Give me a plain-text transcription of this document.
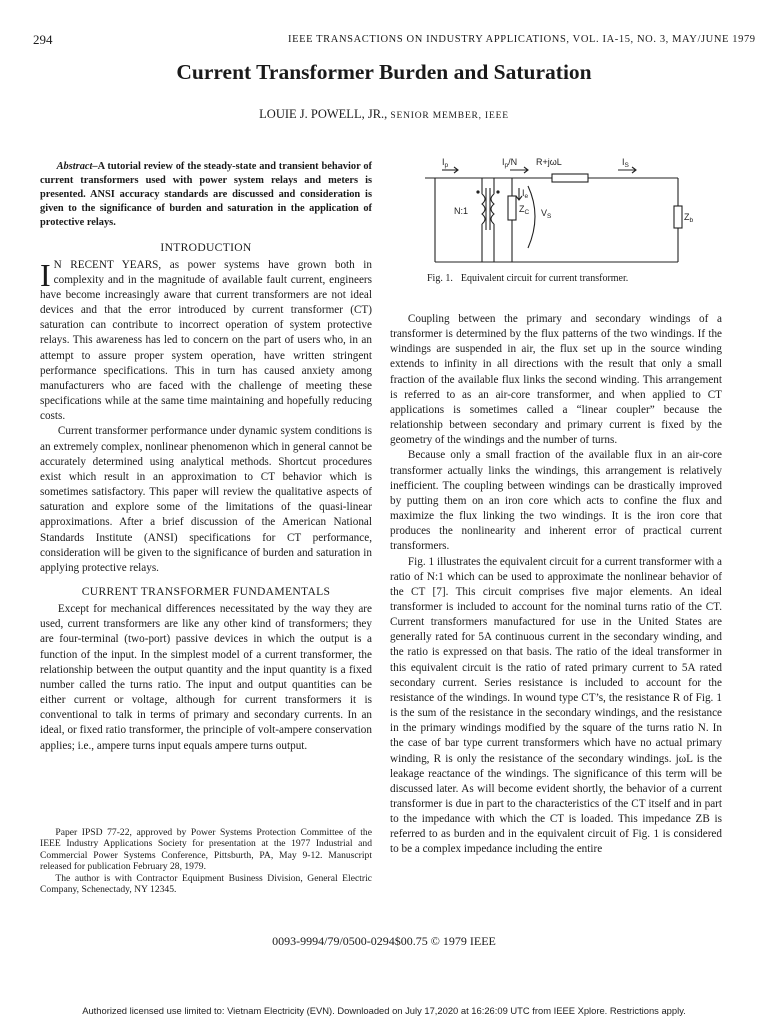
294	IEEE TRANSACTIONS ON INDUSTRY APPLICATIONS, VOL. IA-15, NO. 3, MAY/JUNE 1979
Current Transformer Burden and Saturation
LOUIE J. POWELL, JR., SENIOR MEMBER, IEEE
Abstract–A tutorial review of the steady-state and transient behavior of current transformers used with power system relays and meters is presented. ANSI accuracy standards are discussed and consideration is given to the significance of burden and saturation in the application of protective relays.
INTRODUCTION

I N RECENT YEARS, as power systems have grown both in complexity and in the magnitude of available fault current, engineers have become increasingly aware that current transformers are not ideal devices and that the error introduced by current transformer (CT) saturation can contribute to incorrect operation of system protective relays. This awareness has led to concern on the part of users who, in an attempt to assure proper system operation, have written stringent performance specifications. This in turn has caused anxiety among manufacturers who are faced with the challenge of meeting these specifications while at the same time maintaining and hopefully reducing costs.

Current transformer performance under dynamic system conditions is an extremely complex, nonlinear phenomenon which in general cannot be accurately determined using analytical methods. Shortcut procedures exist which result in an approximation to CT behavior which is sometimes satisfactory. This paper will review the qualitative aspects of saturation and explore some of the limitations of the quasi-linear approximations. After a brief discussion of the American National Standards Institute (ANSI) specifications for CT performance, consideration will be given to the significance of burden and saturation in applying protective relays.

CURRENT TRANSFORMER FUNDAMENTALS

Except for mechanical differences necessitated by the way they are used, current transformers are like any other kind of transformers; they are four-terminal (two-port) passive devices in which the output is a function of the input. In the simplest model of a current transformer, the relationship between the output quantity and the input quantity is a fixed number called the turns ratio. The input and output quantities can be either current or voltage, although for current transformers it is conventional to talk in terms of primary and secondary currents. In an ideal, or fixed ratio transformer, the principle of volt-ampere conservation applies; i.e., ampere turns input equals ampere turns output.

Paper IPSD 77-22, approved by Power Systems Protection Committee of the IEEE Industry Applications Society for presentation at the 1977 Industrial and Commercial Power Systems Conference, Pittsburth, PA, May 9-12. Manuscript released for publication February 28, 1979.

The author is with Contractor Equipment Business Division, General Electric Company, Schenectady, NY 12345.

$I_p$	$I_p/N$ R+jωL	$I_S$
N:1
$I_e$
$Z_C$ $V_S$	$Z_b$
Fig. 1. Equivalent circuit for current transformer.

Coupling between the primary and secondary windings of a transformer is determined by the flux patterns of the two windings. If the windings are suspended in air, the flux set up in the source winding extends to infinity in all directions with the result that only a small fraction of the available flux links the second winding. This arrangement is referred to as an air-core transformer, and when applied to CT applications is sometimes called a “linear coupler” because the relationship between secondary and primary current is fixed by the geometry of the windings and the number of turns.

Because only a small fraction of the available flux in an air-core transformer actually links the windings, this arrangement is relatively inefficient. The coupling between windings can be drastically improved by putting them on an iron core which acts to confine the flux and maximize the flux linking the two windings. It is the iron core that produces the nonlinearity and inherent error of practical current transformers.

Fig. 1 illustrates the equivalent circuit for a current transformer with a ratio of N:1 which can be used to approximate the nonlinear behavior of the CT [7]. This circuit comprises five major elements. An ideal transformer is included to account for the nominal turns ratio of the CT. Current transformers manufactured for use in the United States are generally rated for 5A continuous current in the secondary winding, and the ratio is expressed on that basis. The ratio of the ideal transformer in this equivalent circuit is the ratio of rated primary current to 5A rated secondary current. Series resistance is included to account for the resistance of the windings. In wound type CT’s, the resistance R of Fig. 1 is the sum of the resistance in the secondary windings, and the resistance in the primary windings modified by the square of the turns ratio N. In the case of bar type current transformers which have no actual primary winding, R is only the resistance of the secondary windings. jωL is the leakage reactance of the windings. The significance of this term will be discussed later. As will become evident shortly, the behavior of a current transformer is due in part to the characteristics of the CT itself and in part to the impedance with which the CT is loaded. This impedance ZB is referred to as burden and in the equivalent circuit of Fig. 1 is considered to be a complex impedance including the entire

0093-9994/79/0500-0294$00.75 © 1979 IEEE
Authorized licensed use limited to: Vietnam Electricity (EVN). Downloaded on July 17,2020 at 16:26:09 UTC from IEEE Xplore. Restrictions apply.
